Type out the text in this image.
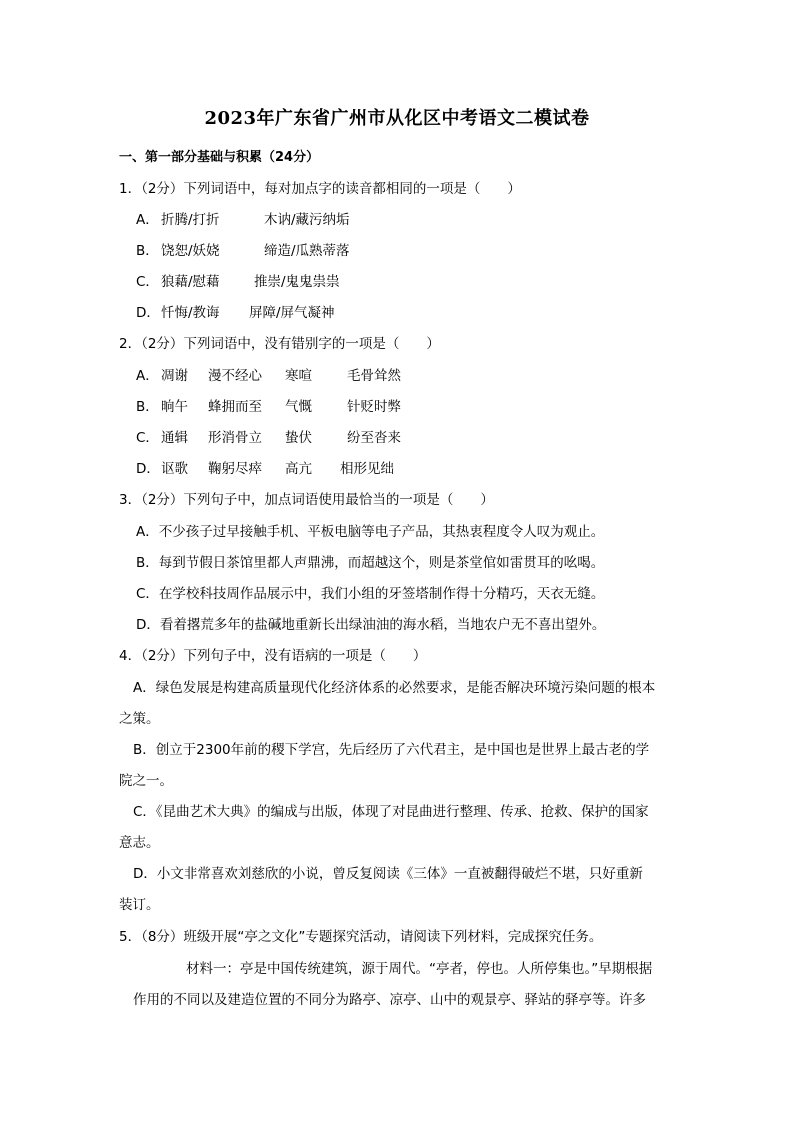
2023年广东省广州市从化区中考语文二模试卷
一、第一部分基础与积累（24分）
1．（2分）下列词语中，每对加点字的读音都相同的一项是（　　）
A． 折腾/打折	木讷/藏污纳垢
B． 饶恕/妖娆	缔造/瓜熟蒂落
C． 狼藉/慰藉	推崇/鬼鬼祟祟
D．忏悔/教诲 屏障/屏气凝神
2．（2分）下列词语中，没有错别字的一项是（　　）
A． 凋谢 漫不经心 寒喧	毛骨耸然
B． 晌午 蜂拥而至 气慨	针贬时弊
C． 通辑 形消骨立 蛰伏	纷至沓来
D．讴歌 鞠躬尽瘁 高亢 相形见绌
3．（2分）下列句子中，加点词语使用最恰当的一项是（　　）
A．不少孩子过早接触手机、平板电脑等电子产品，其热衷程度令人叹为观止。
B．每到节假日茶馆里都人声鼎沸，而超越这个，则是茶堂倌如雷贯耳的吆喝。
C．在学校科技周作品展示中，我们小组的牙签塔制作得十分精巧，天衣无缝。
D．看着撂荒多年的盐碱地重新长出绿油油的海水稻，当地农户无不喜出望外。
4．（2分）下列句子中，没有语病的一项是（　　）
A．绿色发展是构建高质量现代化经济体系的必然要求，是能否解决环境污染问题的根本
之策。
B．创立于2300年前的稷下学宫，先后经历了六代君主，是中国也是世界上最古老的学
院之一。
C．《昆曲艺术大典》的编成与出版，体现了对昆曲进行整理、传承、抢救、保护的国家
意志。
D．小文非常喜欢刘慈欣的小说，曾反复阅读《三体》一直被翻得破烂不堪，只好重新
装订。
5．（8分）班级开展“亭之文化”专题探究活动，请阅读下列材料，完成探究任务。
材料一：亭是中国传统建筑，源于周代。“亭者，停也。人所停集也。”早期根据
作用的不同以及建造位置的不同分为路亭、凉亭、山中的观景亭、驿站的驿亭等。许多
